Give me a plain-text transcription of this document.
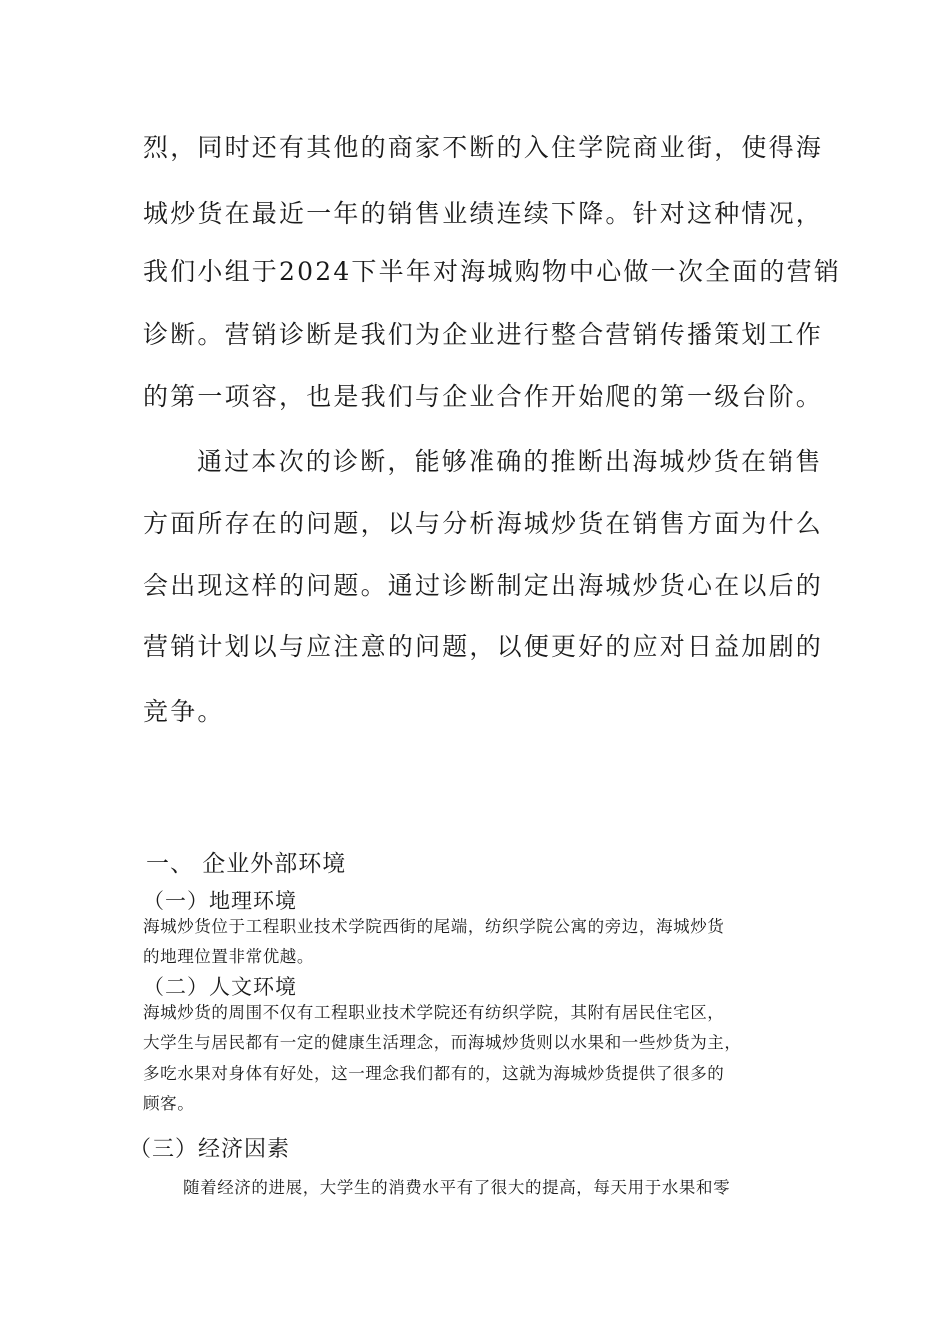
烈，同时还有其他的商家不断的入住学院商业街，使得海
城炒货在最近一年的销售业绩连续下降。针对这种情况，
我们小组于2024下半年对海城购物中心做一次全面的营销
诊断。营销诊断是我们为企业进行整合营销传播策划工作
的第一项容，也是我们与企业合作开始爬的第一级台阶。
通过本次的诊断，能够准确的推断出海城炒货在销售
方面所存在的问题，以与分析海城炒货在销售方面为什么
会出现这样的问题。通过诊断制定出海城炒货心在以后的
营销计划以与应注意的问题，以便更好的应对日益加剧的
竞争。
一、 企业外部环境
（一）地理环境
海城炒货位于工程职业技术学院西街的尾端，纺织学院公寓的旁边，海城炒货
的地理位置非常优越。
（二）人文环境
海城炒货的周围不仅有工程职业技术学院还有纺织学院，其附有居民住宅区，
大学生与居民都有一定的健康生活理念，而海城炒货则以水果和一些炒货为主，
多吃水果对身体有好处，这一理念我们都有的，这就为海城炒货提供了很多的
顾客。
（三）经济因素
随着经济的进展，大学生的消费水平有了很大的提高，每天用于水果和零
